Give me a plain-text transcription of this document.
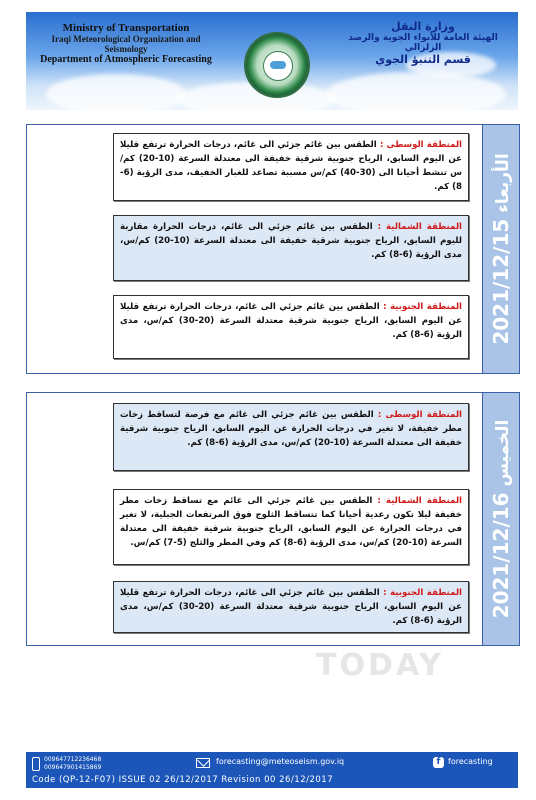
Ministry of Transportation
Iraqi Meteorological Organization and Seismology
Department of Atmospheric Forecasting
وزارة النقل
الهيئة العامة للأنواء الجوية والرصد الزلزالي
قسم التنبؤ الجوي
المنطقة الوسطى : الطقس بين غائم جزئي الى غائم، درجات الحرارة ترتفع قليلا عن اليوم السابق، الرياح جنوبية شرقية خفيفة الى معتدلة السرعة (10-20) كم/س تنشط أحيانا الى (30-40) كم/س مسببة تصاعد للغبار الخفيف، مدى الرؤية (6-8) كم.
المنطقة الشمالية : الطقس بين غائم جزئي الى غائم، درجات الحرارة مقاربة لليوم السابق، الرياح جنوبية شرقية خفيفة الى معتدلة السرعة (10-20) كم/س، مدى الرؤية (6-8) كم.
المنطقة الجنوبية : الطقس بين غائم جزئي الى غائم، درجات الحرارة ترتفع قليلا عن اليوم السابق، الرياح جنوبية شرقية معتدلة السرعة (20-30) كم/س، مدى الرؤية (6-8) كم.
الأربعاء 2021/12/15
المنطقة الوسطى : الطقس بين غائم جزئي الى غائم مع فرصة لتساقط زخات مطر خفيفة، لا تغير في درجات الحرارة عن اليوم السابق، الرياح جنوبية شرقية خفيفة الى معتدلة السرعة (10-20) كم/س، مدى الرؤية (6-8) كم.
المنطقة الشمالية : الطقس بين غائم جزئي الى غائم مع تساقط زخات مطر خفيفة ليلا تكون رعدية أحيانا كما تتساقط الثلوج فوق المرتفعات الجبلية، لا تغير في درجات الحرارة عن اليوم السابق، الرياح جنوبية شرقية خفيفة الى معتدلة السرعة (10-20) كم/س، مدى الرؤية (6-8) كم وفي المطر والثلج (5-7) كم/س.
المنطقة الجنوبية : الطقس بين غائم جزئي الى غائم، درجات الحرارة ترتفع قليلا عن اليوم السابق، الرياح جنوبية شرقية معتدلة السرعة (20-30) كم/س، مدى الرؤية (6-8) كم.
الخميس 2021/12/16
TODAY
009647712236468
009647901415869
forecasting@meteoseism.gov.iq	f forecasting
Code (QP-12-F07) ISSUE 02 26/12/2017 Revision 00 26/12/2017
